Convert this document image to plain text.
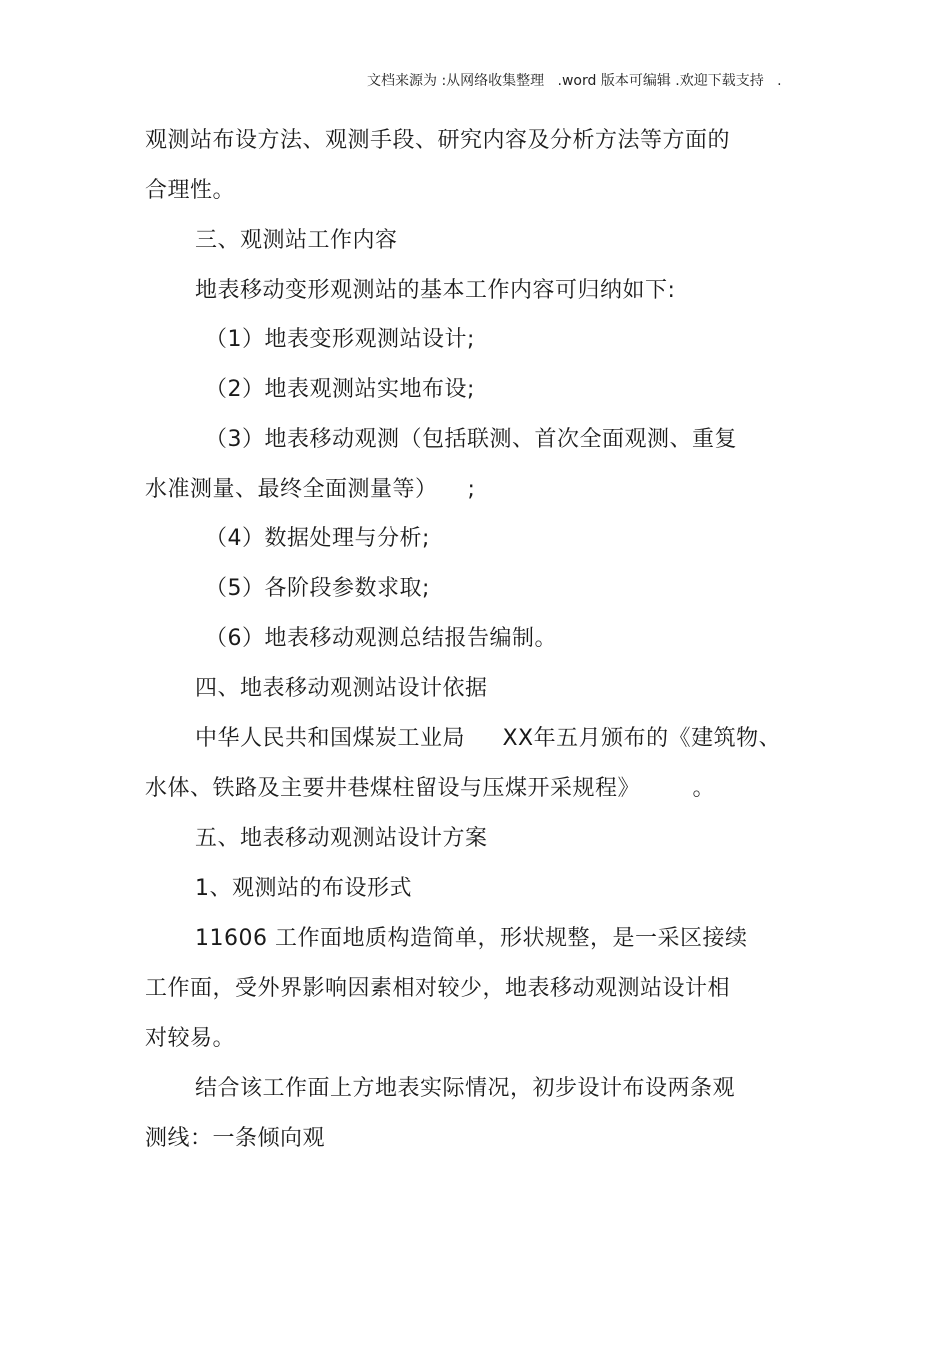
文档来源为 :从网络收集整理   .word 版本可编辑 .欢迎下载支持   .
观测站布设方法、观测手段、研究内容及分析方法等方面的
合理性。
三、观测站工作内容
地表移动变形观测站的基本工作内容可归纳如下:
（1）地表变形观测站设计;
（2）地表观测站实地布设;
（3）地表移动观测（包括联测、首次全面观测、重复
水准测量、最终全面测量等）    ;
（4）数据处理与分析;
（5）各阶段参数求取;
（6）地表移动观测总结报告编制。
四、地表移动观测站设计依据
中华人民共和国煤炭工业局     XX年五月颁布的《建筑物、
水体、铁路及主要井巷煤柱留设与压煤开采规程》       。
五、地表移动观测站设计方案
1、观测站的布设形式
11606 工作面地质构造简单，形状规整，是一采区接续
工作面，受外界影响因素相对较少，地表移动观测站设计相
对较易。
结合该工作面上方地表实际情况，初步设计布设两条观
测线：一条倾向观
